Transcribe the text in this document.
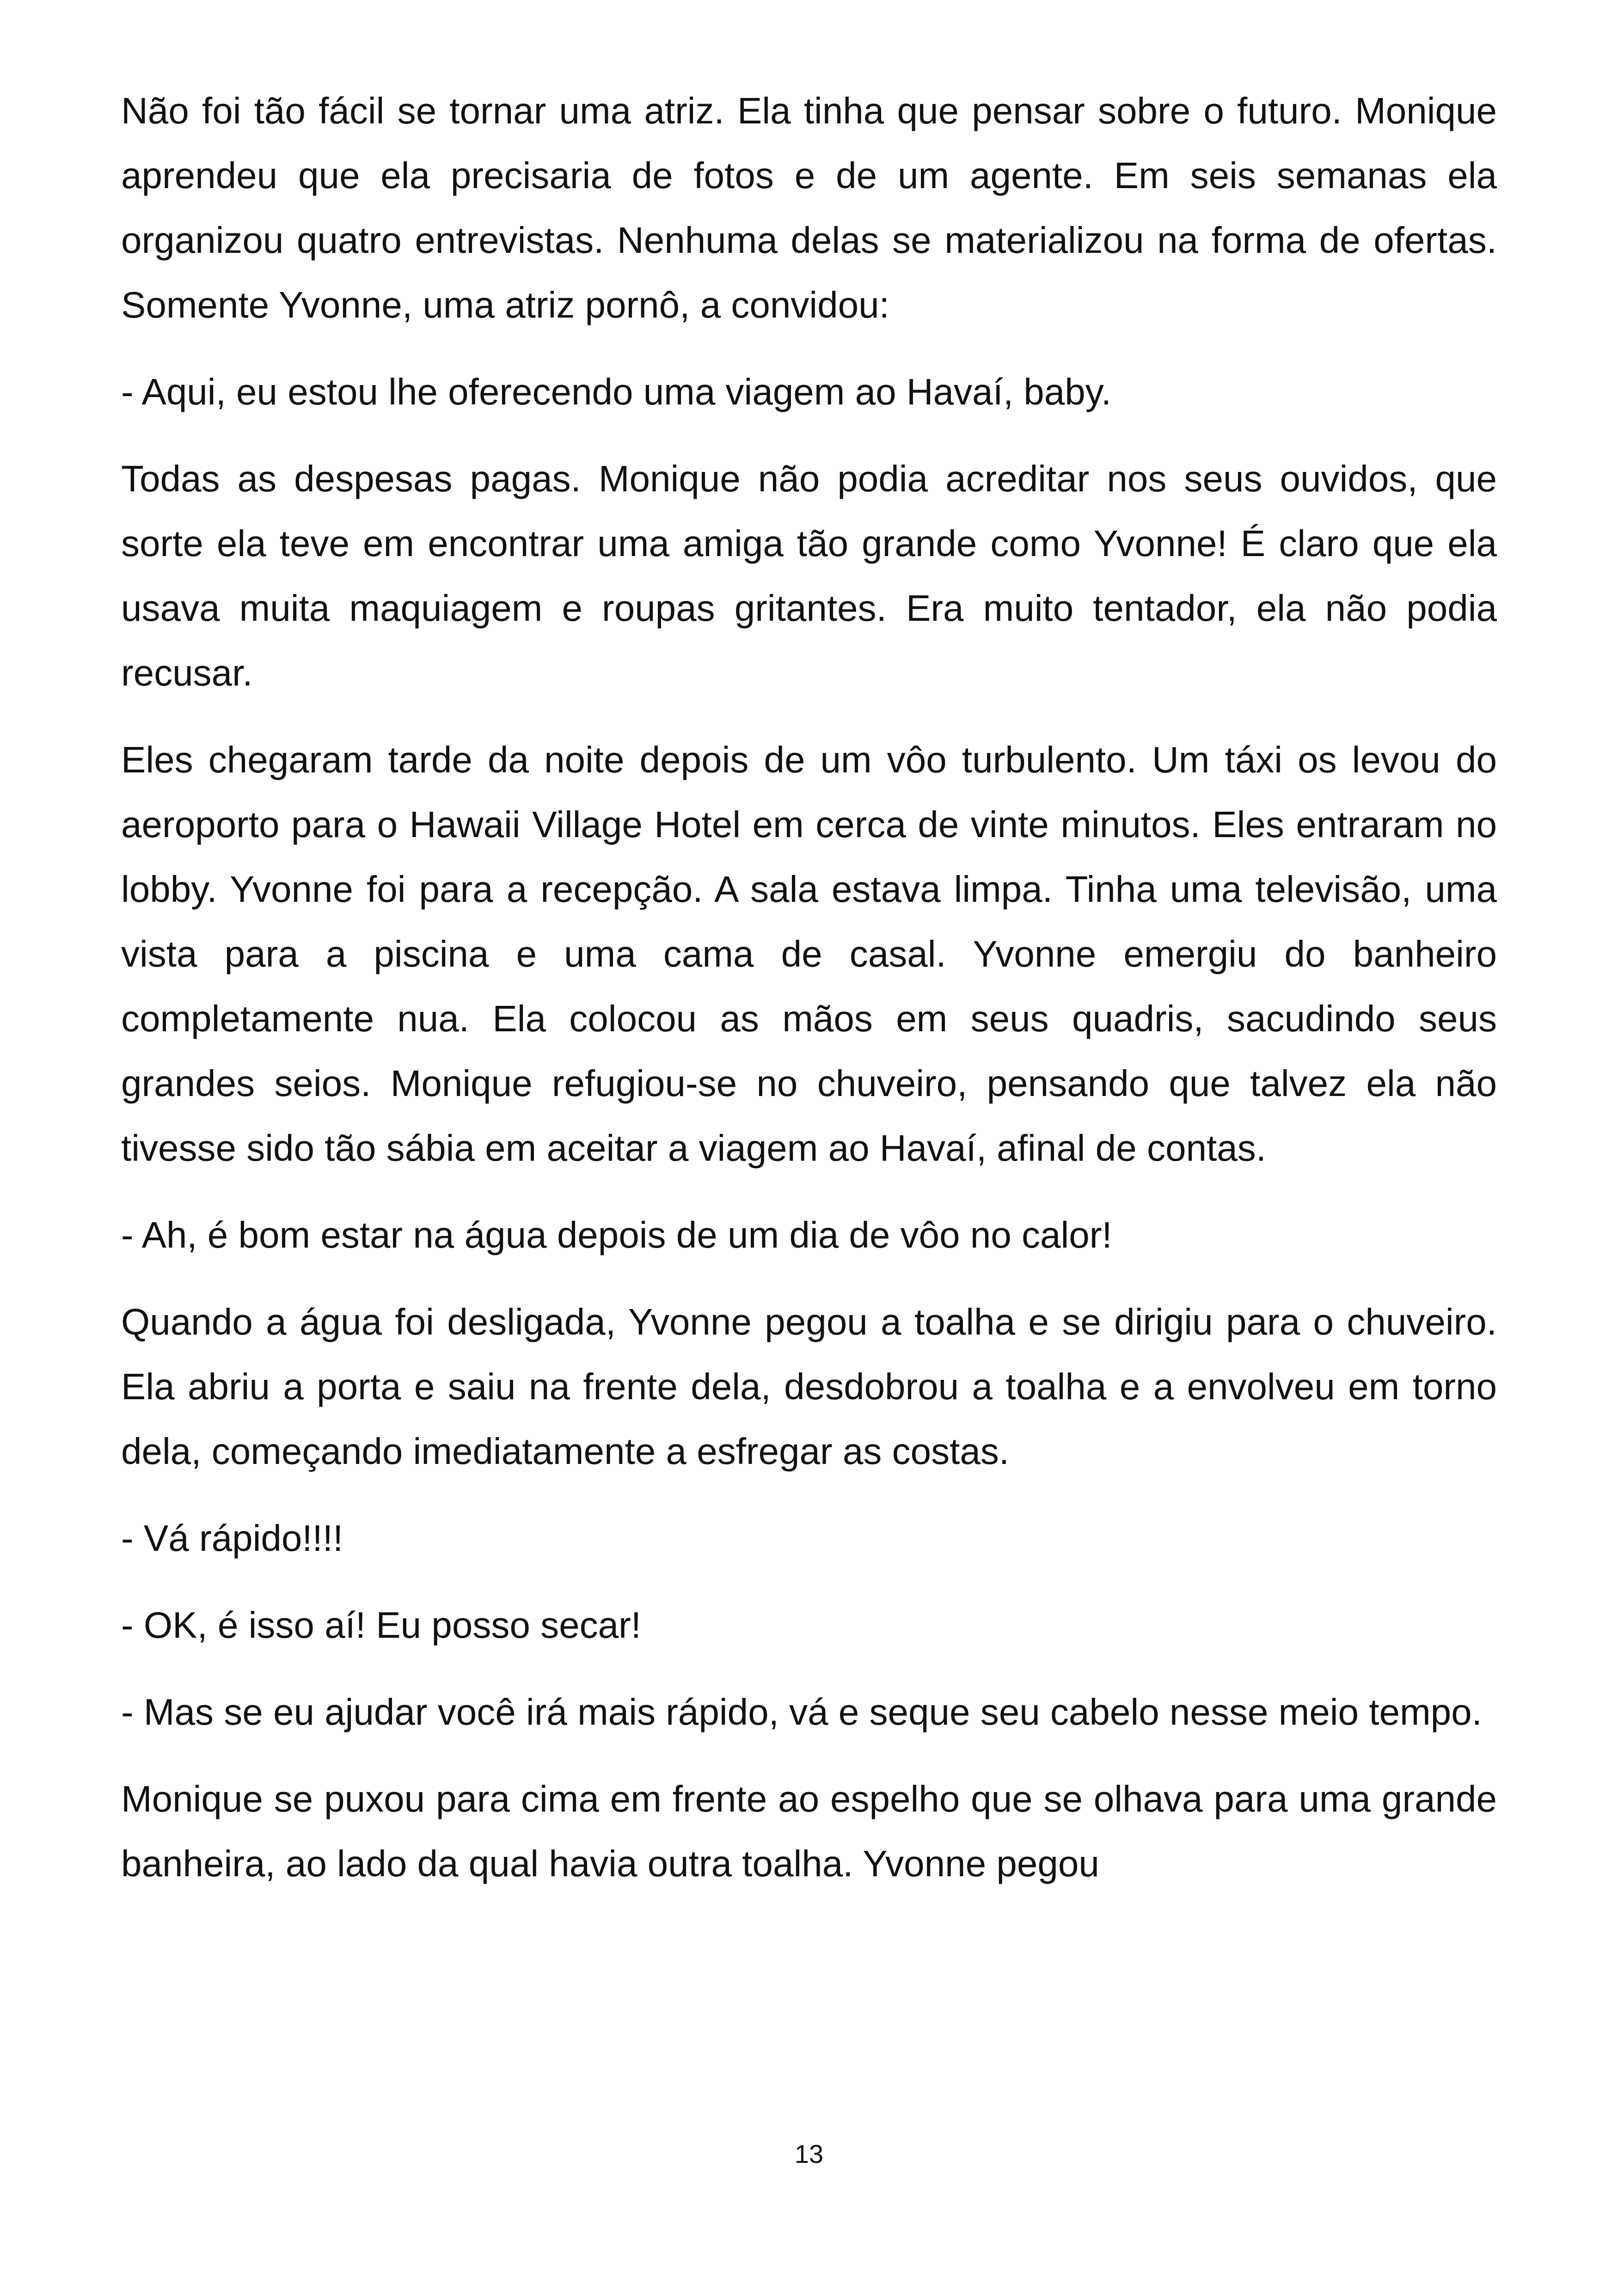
Não foi tão fácil se tornar uma atriz. Ela tinha que pensar sobre o futuro. Monique aprendeu que ela precisaria de fotos e de um agente. Em seis semanas ela organizou quatro entrevistas. Nenhuma delas se materializou na forma de ofertas. Somente Yvonne, uma atriz pornô, a convidou:

- Aqui, eu estou lhe oferecendo uma viagem ao Havaí, baby.

Todas as despesas pagas. Monique não podia acreditar nos seus ouvidos, que sorte ela teve em encontrar uma amiga tão grande como Yvonne! É claro que ela usava muita maquiagem e roupas gritantes. Era muito tentador, ela não podia recusar.

Eles chegaram tarde da noite depois de um vôo turbulento. Um táxi os levou do aeroporto para o Hawaii Village Hotel em cerca de vinte minutos. Eles entraram no lobby. Yvonne foi para a recepção. A sala estava limpa. Tinha uma televisão, uma vista para a piscina e uma cama de casal. Yvonne emergiu do banheiro completamente nua. Ela colocou as mãos em seus quadris, sacudindo seus grandes seios. Monique refugiou-se no chuveiro, pensando que talvez ela não tivesse sido tão sábia em aceitar a viagem ao Havaí, afinal de contas.

- Ah, é bom estar na água depois de um dia de vôo no calor!

Quando a água foi desligada, Yvonne pegou a toalha e se dirigiu para o chuveiro. Ela abriu a porta e saiu na frente dela, desdobrou a toalha e a envolveu em torno dela, começando imediatamente a esfregar as costas.

- Vá rápido!!!!

- OK, é isso aí! Eu posso secar!

- Mas se eu ajudar você irá mais rápido, vá e seque seu cabelo nesse meio tempo.

Monique se puxou para cima em frente ao espelho que se olhava para uma grande banheira, ao lado da qual havia outra toalha. Yvonne pegou

13
